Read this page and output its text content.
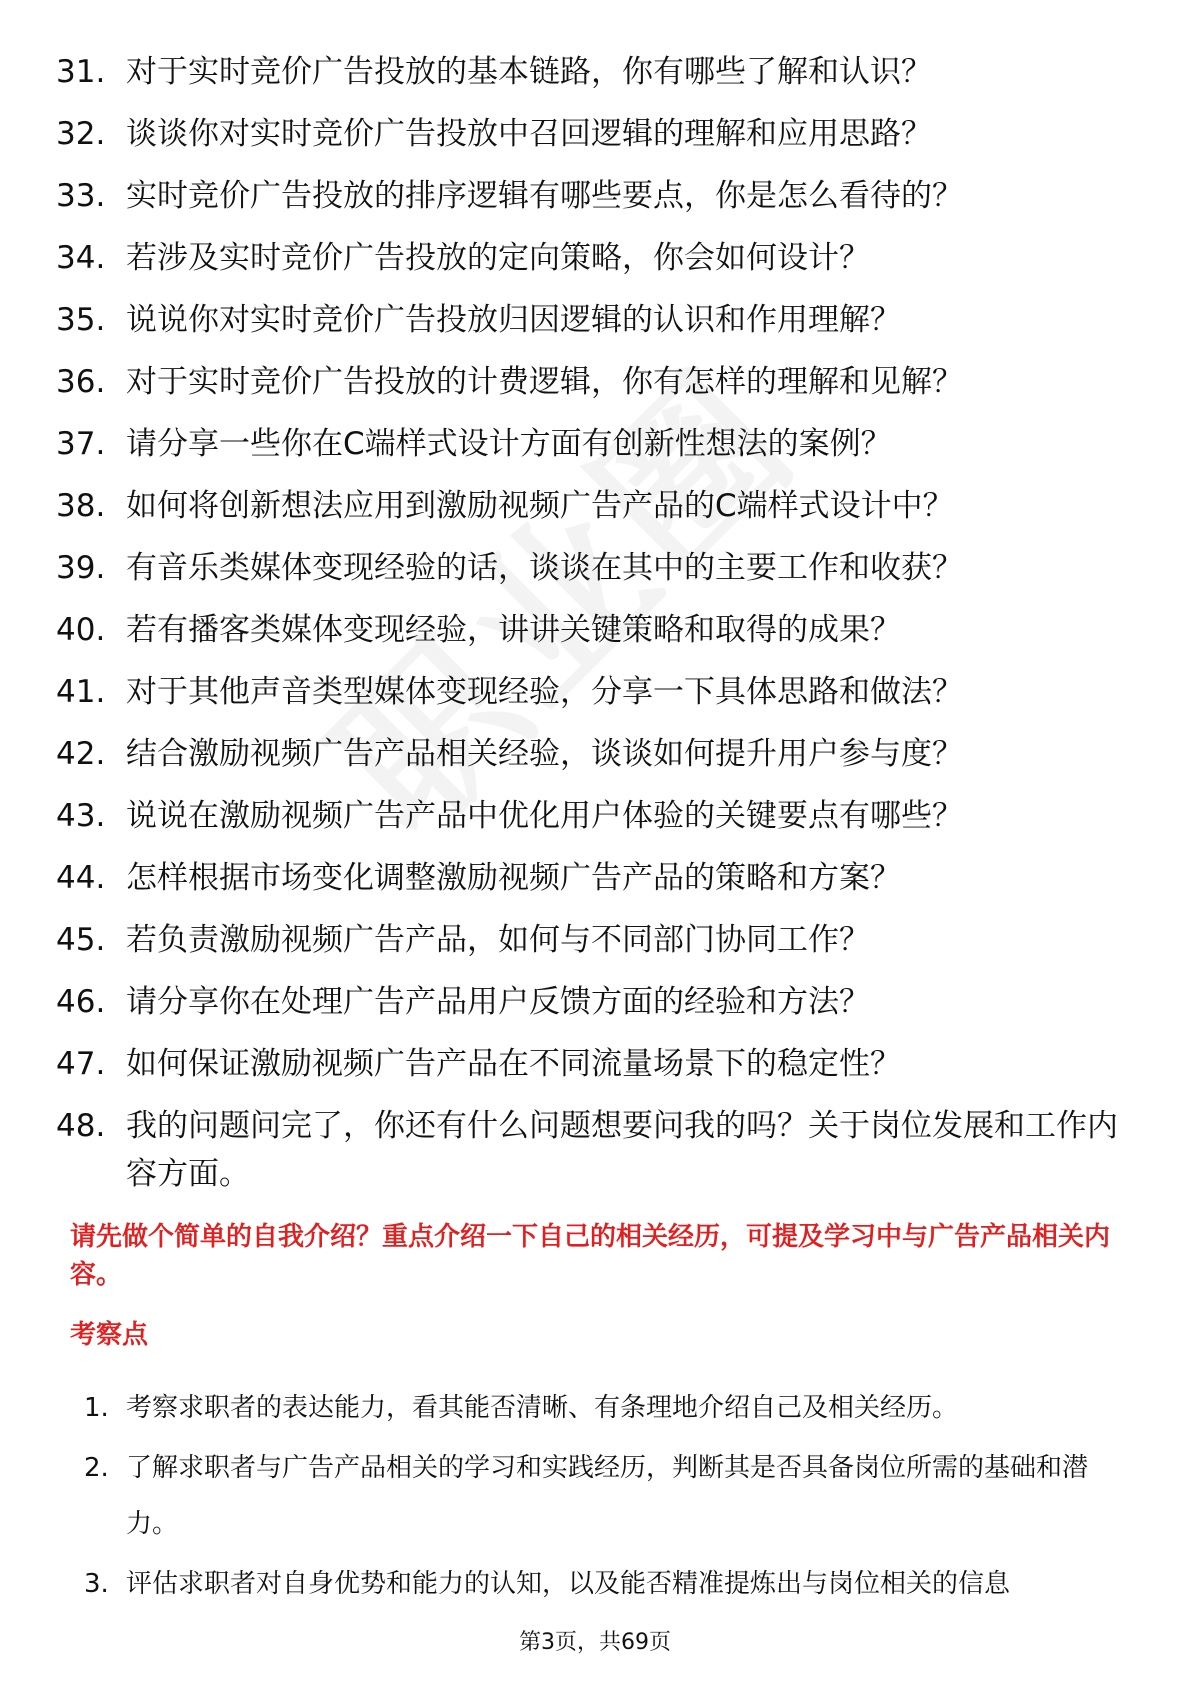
31. 对于实时竞价广告投放的基本链路，你有哪些了解和认识？
32. 谈谈你对实时竞价广告投放中召回逻辑的理解和应用思路？
33. 实时竞价广告投放的排序逻辑有哪些要点，你是怎么看待的？
34. 若涉及实时竞价广告投放的定向策略，你会如何设计？
35. 说说你对实时竞价广告投放归因逻辑的认识和作用理解？
36. 对于实时竞价广告投放的计费逻辑，你有怎样的理解和见解？
37. 请分享一些你在C端样式设计方面有创新性想法的案例？
38. 如何将创新想法应用到激励视频广告产品的C端样式设计中？
39. 有音乐类媒体变现经验的话，谈谈在其中的主要工作和收获？
40. 若有播客类媒体变现经验，讲讲关键策略和取得的成果？
41. 对于其他声音类型媒体变现经验，分享一下具体思路和做法？
42. 结合激励视频广告产品相关经验，谈谈如何提升用户参与度？
43. 说说在激励视频广告产品中优化用户体验的关键要点有哪些？
44. 怎样根据市场变化调整激励视频广告产品的策略和方案？
45. 若负责激励视频广告产品，如何与不同部门协同工作？
46. 请分享你在处理广告产品用户反馈方面的经验和方法？
47. 如何保证激励视频广告产品在不同流量场景下的稳定性？
48. 我的问题问完了，你还有什么问题想要问我的吗？关于岗位发展和工作内容方面。

请先做个简单的自我介绍？重点介绍一下自己的相关经历，可提及学习中与广告产品相关内容。

考察点

1. 考察求职者的表达能力，看其能否清晰、有条理地介绍自己及相关经历。
2. 了解求职者与广告产品相关的学习和实践经历，判断其是否具备岗位所需的基础和潜力。
3. 评估求职者对自身优势和能力的认知，以及能否精准提炼出与岗位相关的信息
第3页，共69页
